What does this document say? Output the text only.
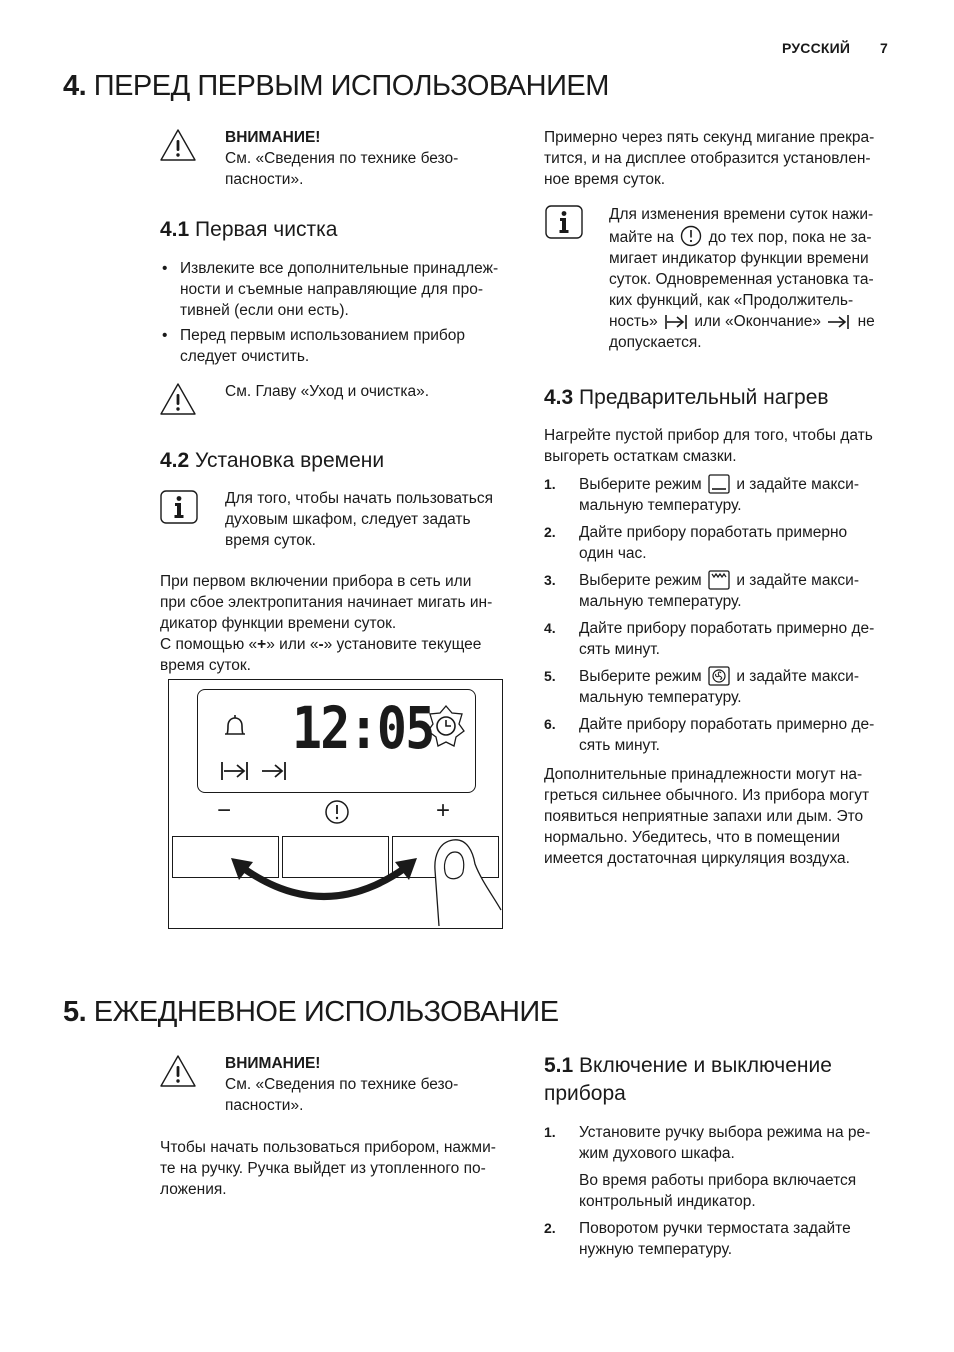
РУССКИЙ 7
4. ПЕРЕД ПЕРВЫМ ИСПОЛЬЗОВАНИЕМ

ВНИМАНИЕ!

См. «Сведения по технике безо-

пасности».

4.1 Первая чистка

• Извлеките все дополнительные принадлеж-

ности и съемные направляющие для про-

тивней (если они есть).

• Перед первым использованием прибор

следует очистить.

См. Главу «Уход и очистка».
4.2 Установка времени

Для того, чтобы начать пользоваться

духовым шкафом, следует задать

время суток.

При первом включении прибора в сеть или

при сбое электропитания начинает мигать ин-

дикатор функции времени суток.

С помощью «+» или «-» установите текущее

время суток.

12:05
−	+

Примерно через пять секунд мигание прекра-

тится, и на дисплее отобразится установлен-

ное время суток.

Для изменения времени суток нажи-

майте на до тех пор, пока не за-

мигает индикатор функции времени

суток. Одновременная установка та-

ких функций, как «Продолжитель-

ность» или «Окончание» не

допускается.

4.3 Предварительный нагрев

Нагрейте пустой прибор для того, чтобы дать

выгореть остаткам смазки.

1. Выберите режим и задайте макси-

мальную температуру.

2. Дайте прибору поработать примерно

один час.

3. Выберите режим и задайте макси-

мальную температуру.

4. Дайте прибору поработать примерно де-

сять минут.

5. Выберите режим и задайте макси-

мальную температуру.

6. Дайте прибору поработать примерно де-

сять минут.

Дополнительные принадлежности могут на-

греться сильнее обычного. Из прибора могут

появиться неприятные запахи или дым. Это

нормально. Убедитесь, что в помещении

имеется достаточная циркуляция воздуха.

5. ЕЖЕДНЕВНОЕ ИСПОЛЬЗОВАНИЕ

ВНИМАНИЕ!

См. «Сведения по технике безо-

пасности».

Чтобы начать пользоваться прибором, нажми-

те на ручку. Ручка выйдет из утопленного по-

ложения.

5.1 Включение и выключение

прибора

1. Установите ручку выбора режима на ре-

жим духового шкафа.

Во время работы прибора включается

контрольный индикатор.

2. Поворотом ручки термостата задайте

нужную температуру.
